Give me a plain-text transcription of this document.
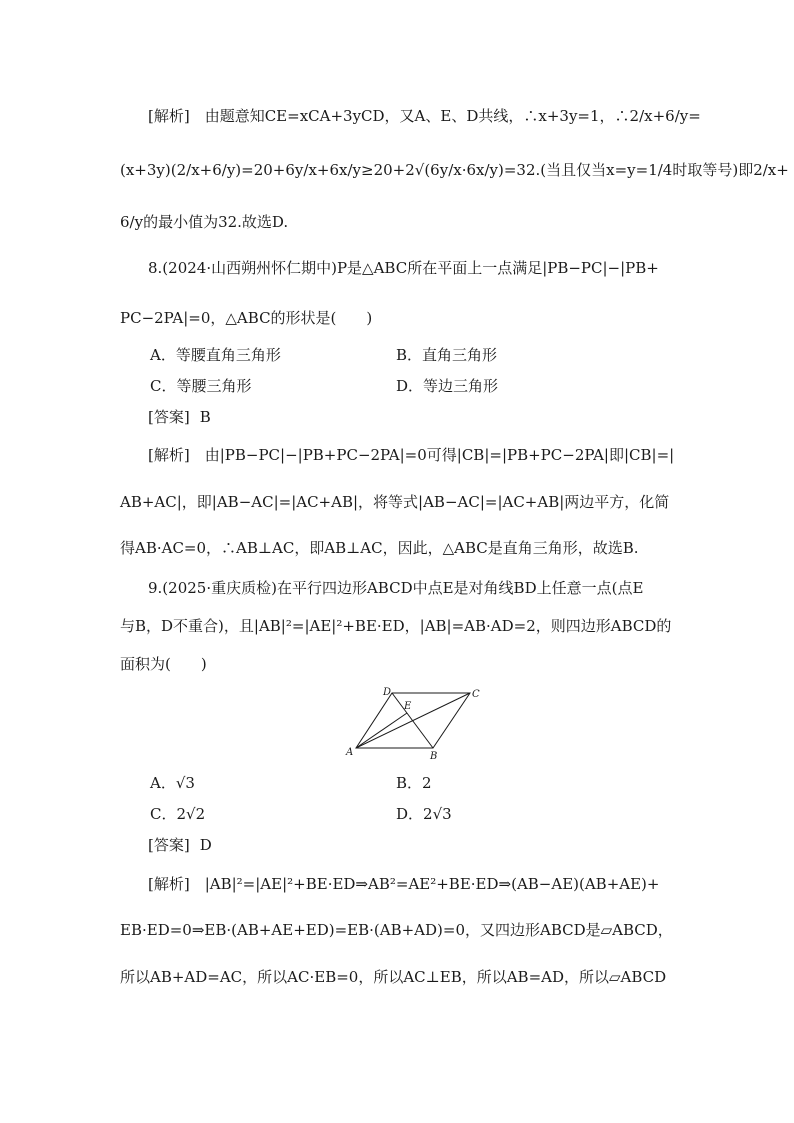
[解析]　由题意知CE=xCA+3yCD，又A、E、D共线，∴x+3y=1，∴2/x+6/y=
(x+3y)(2/x+6/y)=20+6y/x+6x/y≥20+2√(6y/x·6x/y)=32.(当且仅当x=y=1/4时取等号)即2/x+
6/y的最小值为32.故选D.
8.(2024·山西朔州怀仁期中)P是△ABC所在平面上一点满足|PB−PC|−|PB+
PC−2PA|=0，△ABC的形状是(　　)
A．等腰直角三角形	B．直角三角形
C．等腰三角形	D．等边三角形
[答案] B
[解析]　由|PB−PC|−|PB+PC−2PA|=0可得|CB|=|PB+PC−2PA|即|CB|=|
AB+AC|，即|AB−AC|=|AC+AB|，将等式|AB−AC|=|AC+AB|两边平方，化简
得AB·AC=0，∴AB⊥AC，即AB⊥AC，因此，△ABC是直角三角形，故选B.
9.(2025·重庆质检)在平行四边形ABCD中点E是对角线BD上任意一点(点E
与B，D不重合)，且|AB|²=|AE|²+BE·ED，|AB|=AB·AD=2，则四边形ABCD的
面积为(　　)
A	B
C
D
E
A．√3	B．2
C．2√2	D．2√3
[答案] D
[解析]　|AB|²=|AE|²+BE·ED⇒AB²=AE²+BE·ED⇒(AB−AE)(AB+AE)+
EB·ED=0⇒EB·(AB+AE+ED)=EB·(AB+AD)=0，又四边形ABCD是▱ABCD，
所以AB+AD=AC，所以AC·EB=0，所以AC⊥EB，所以AB=AD，所以▱ABCD
